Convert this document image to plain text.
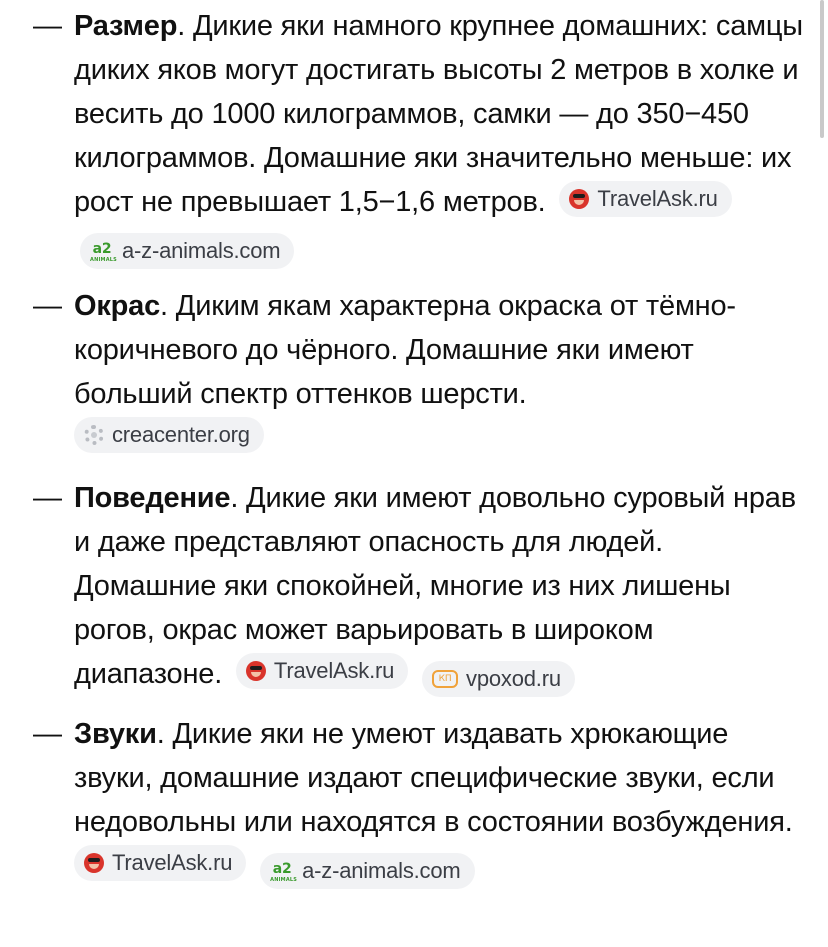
— Размер. Дикие яки намного крупнее домашних: самцы диких яков могут достигать высоты 2 метров в холке и весить до 1000 килограммов, самки — до 350−450 килограммов. Домашние яки значительно меньше: их рост не превышает 1,5−1,6 метров. TravelAsk.ru

a2
ANIMALS a-z-animals.com
— Окрас. Диким якам характерна окраска от тёмно-коричневого до чёрного. Домашние яки имеют больший спектр оттенков шерсти.

creacenter.org
— Поведение. Дикие яки имеют довольно суровый нрав и даже представляют опасность для людей. Домашние яки спокойней, многие из них лишены рогов, окрас может варьировать в широком диапазоне. TravelAsk.ru
	КП vpoxod.ru
— Звуки. Дикие яки не умеют издавать хрюкающие звуки, домашние издают специфические звуки, если недовольны или находятся в состоянии возбуждения.

TravelAsk.ru
	a2
ANIMALS a-z-animals.com
